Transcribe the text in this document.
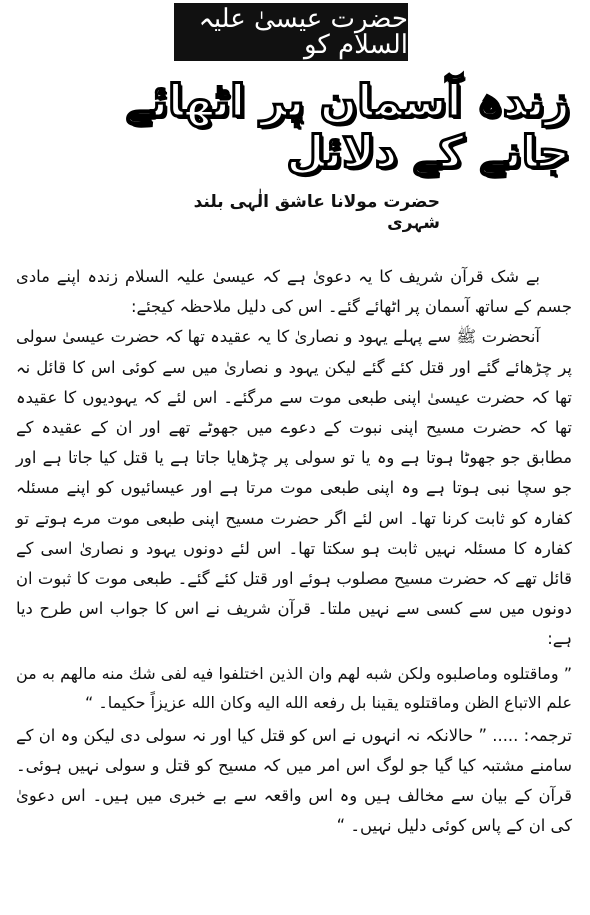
حضرت عیسیٰ علیہ السلام کو
زندہ آسمان پر اٹھائے جانے کے دلائل
حضرت مولانا عاشق الٰہی بلند شہری

بے شک قرآن شریف کا یہ دعویٰ ہے کہ عیسیٰ علیہ السلام زندہ اپنے مادی جسم کے ساتھ آسمان پر اٹھائے گئے۔ اس کی دلیل ملاحظہ کیجئے:

آنحضرت ﷺ سے پہلے یہود و نصاریٰ کا یہ عقیدہ تھا کہ حضرت عیسیٰ سولی پر چڑھائے گئے اور قتل کئے گئے لیکن یہود و نصاریٰ میں سے کوئی اس کا قائل نہ تھا کہ حضرت عیسیٰ اپنی طبعی موت سے مرگئے۔ اس لئے کہ یہودیوں کا عقیدہ تھا کہ حضرت مسیح اپنی نبوت کے دعوے میں جھوٹے تھے اور ان کے عقیدہ کے مطابق جو جھوٹا ہوتا ہے وہ یا تو سولی پر چڑھایا جاتا ہے یا قتل کیا جاتا ہے اور جو سچا نبی ہوتا ہے وہ اپنی طبعی موت مرتا ہے اور عیسائیوں کو اپنے مسئلہ کفارہ کو ثابت کرنا تھا۔ اس لئے اگر حضرت مسیح اپنی طبعی موت مرے ہوتے تو کفارہ کا مسئلہ نہیں ثابت ہو سکتا تھا۔ اس لئے دونوں یہود و نصاریٰ اسی کے قائل تھے کہ حضرت مسیح مصلوب ہوئے اور قتل کئے گئے۔ طبعی موت کا ثبوت ان دونوں میں سے کسی سے نہیں ملتا۔ قرآن شریف نے اس کا جواب اس طرح دیا ہے:

” وماقتلوه وماصلبوه ولكن شبه لهم وان الذين اختلفوا فيه لفى شك منه مالهم به من علم الاتباع الظن وماقتلوه يقينا بل رفعه الله اليه وكان الله عزيزاً حكيما۔ “

ترجمہ: ..... ” حالانکہ نہ انہوں نے اس کو قتل کیا اور نہ سولی دی لیکن وہ ان کے سامنے مشتبہ کیا گیا جو لوگ اس امر میں کہ مسیح کو قتل و سولی نہیں ہوئی۔ قرآن کے بیان سے مخالف ہیں وہ اس واقعہ سے بے خبری میں ہیں۔ اس دعویٰ کی ان کے پاس کوئی دلیل نہیں۔ “
